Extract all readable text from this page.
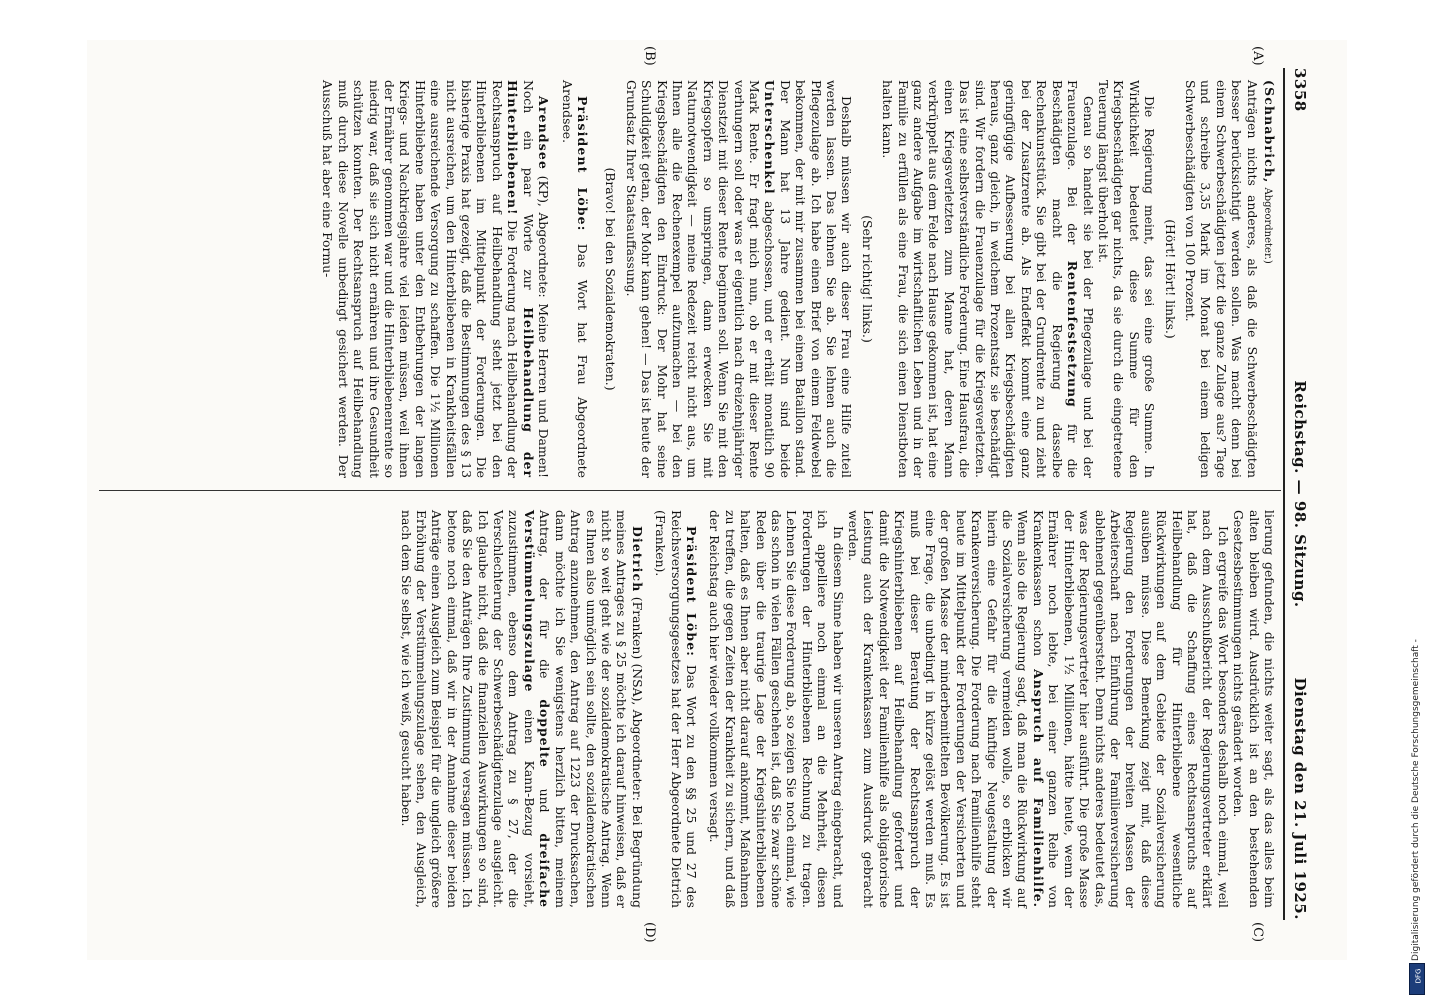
3358
Reichstag. — 98. Sitzung.
Dienstag den 21. Juli 1925.
(A)
(B)
(C)
(D)

(Schnabrich, Abgeordneter.)

Anträgen nichts anderes, als daß die Schwerbeschädigten besser berücksichtigt werden sollen. Was macht denn bei einem Schwerbeschädigten jetzt die ganze Zulage aus? Tage und schreibe 3,35 Mark im Monat bei einem ledigen Schwerbeschädigten von 100 Prozent.

(Hört! Hört! links.)

Die Regierung meint, das sei eine große Summe. In Wirklichkeit bedeutet diese Summe für den Kriegsbeschädigten gar nichts, da sie durch die eingetretene Teuerung längst überholt ist.

Genau so handelt sie bei der Pflegezulage und bei der Frauenzulage. Bei der Rentenfestsetzung für die Beschädigten macht die Regierung dasselbe Rechenkunststück. Sie gibt bei der Grundrente zu und zieht bei der Zusatzrente ab. Als Endeffekt kommt eine ganz geringfügige Aufbesserung bei allen Kriegsbeschädigten heraus, ganz gleich, in welchem Prozentsatz sie beschädigt sind. Wir fordern die Frauenzulage für die Kriegsverletzten. Das ist eine selbstverständliche Forderung. Eine Hausfrau, die einen Kriegsverletzten zum Manne hat, deren Mann verkrüppelt aus dem Felde nach Hause gekommen ist, hat eine ganz andere Aufgabe im wirtschaftlichen Leben und in der Familie zu erfüllen als eine Frau, die sich einen Dienstboten halten kann.

(Sehr richtig! links.)

Deshalb müssen wir auch dieser Frau eine Hilfe zuteil werden lassen. Das lehnen Sie ab. Sie lehnen auch die Pflegezulage ab. Ich habe einen Brief von einem Feldwebel bekommen, der mit mir zusammen bei einem Bataillon stand. Der Mann hat 13 Jahre gedient. Nun sind beide Unterschenkel abgeschossen, und er erhält monatlich 90 Mark Rente. Er fragt mich nun, ob er mit dieser Rente verhungern soll oder was er eigentlich nach dreizehnjähriger Dienstzeit mit dieser Rente beginnen soll. Wenn Sie mit den Kriegsopfern so umspringen, dann erwecken Sie mit Naturnotwendigkeit — meine Redezeit reicht nicht aus, um Ihnen alle die Rechenexempel aufzumachen — bei den Kriegsbeschädigten den Eindruck: Der Mohr hat seine Schuldigkeit getan, der Mohr kann gehen! — Das ist heute der Grundsatz Ihrer Staatsauffassung.

(Bravo! bei den Sozialdemokraten.)

Präsident Löbe: Das Wort hat Frau Abgeordnete Arendsee.

Arendsee (KP), Abgeordnete: Meine Herren und Damen! Noch ein paar Worte zur Heilbehandlung der Hinterbliebenen! Die Forderung nach Heilbehandlung der Rechtsanspruch auf Heilbehandlung steht jetzt bei den Hinterbliebenen im Mittelpunkt der Forderungen. Die bisherige Praxis hat gezeigt, daß die Bestimmungen des § 13 nicht ausreichen, um den Hinterbliebenen in Krankheitsfällen eine ausreichende Versorgung zu schaffen. Die 1½ Millionen Hinterbliebene haben unter den Entbehrungen der langen Kriegs- und Nachkriegsjahre viel leiden müssen, weil ihnen der Ernährer genommen war und die Hinterbliebenenrente so niedrig war, daß sie sich nicht ernähren und ihre Gesundheit schützen konnten. Der Rechtsanspruch auf Heilbehandlung muß durch diese Novelle unbedingt gesichert werden. Der Ausschuß hat aber eine Formu-

lierung gefunden, die nichts weiter sagt, als das alles beim alten bleiben wird. Ausdrücklich ist an den bestehenden Gesetzesbestimmungen nichts geändert worden.

Ich ergreife das Wort besonders deshalb noch einmal, weil nach dem Ausschußbericht der Regierungsvertreter erklärt hat, daß die Schaffung eines Rechtsanspruchs auf Heilbehandlung für Hinterbliebene wesentliche Rückwirkungen auf dem Gebiete der Sozialversicherung ausüben müsse. Diese Bemerkung zeigt mit, daß diese Regierung den Forderungen der breiten Massen der Arbeiterschaft nach Einführung der Familienversicherung ablehnend gegenübersteht. Denn nichts anderes bedeutet das, was der Regierungsvertreter hier ausführt. Die große Masse der Hinterbliebenen, 1½ Millionen, hätte heute, wenn der Ernährer noch lebte, bei einer ganzen Reihe von Krankenkassen schon Anspruch auf Familienhilfe. Wenn also die Regierung sagt, daß man die Rückwirkung auf die Sozialversicherung vermeiden wolle, so erblicken wir hierin eine Gefahr für die künftige Neugestaltung der Krankenversicherung. Die Forderung nach Familienhilfe steht heute im Mittelpunkt der Forderungen der Versicherten und der großen Masse der minderbemittelten Bevölkerung. Es ist eine Frage, die unbedingt in kürze gelöst werden muß. Es muß bei dieser Beratung der Rechtsanspruch der Kriegshinterbliebenen auf Heilbehandlung gefordert und damit die Notwendigkeit der Familienhilfe als obligatorische Leistung auch der Krankenkassen zum Ausdruck gebracht werden.

In diesem Sinne haben wir unseren Antrag eingebracht, und ich appelliere noch einmal an die Mehrheit, diesen Forderungen der Hinterbliebenen Rechnung zu tragen. Lehnen Sie diese Forderung ab, so zeigen Sie noch einmal, wie das schon in vielen Fällen geschehen ist, daß Sie zwar schöne Reden über die traurige Lage der Kriegshinterbliebenen halten, daß es Ihnen aber nicht darauf ankommt, Maßnahmen zu treffen, die gegen Zeiten der Krankheit zu sichern, und daß der Reichstag auch hier wieder vollkommen versagt.

Präsident Löbe: Das Wort zu den §§ 25 und 27 des Reichsversorgungsgesetzes hat der Herr Abgeordnete Dietrich (Franken).

Dietrich (Franken) (NSA), Abgeordneter: Bei Begründung meines Antrages zu § 25 möchte ich darauf hinweisen, daß er nicht so weit geht wie der sozialdemokratische Antrag. Wenn es Ihnen also unmöglich sein sollte, den sozialdemokratischen Antrag anzunehmen, den Antrag auf 1223 der Drucksachen, dann möchte ich Sie wenigstens herzlich bitten, meinem Antrag, der für die doppelte und dreifache Verstümmelungszulage einen Kann-Bezug vorsieht, zuzustimmen, ebenso dem Antrag zu § 27, der die Verschlechterung der Schwerbeschädigtenzulage ausgleicht. Ich glaube nicht, daß die finanziellen Auswirkungen so sind, daß Sie den Anträgen Ihre Zustimmung versagen müssen. Ich betone noch einmal, daß wir in der Annahme dieser beiden Anträge einen Ausgleich zum Beispiel für die ungleich größere Erhöhung der Verstümmelungszulage sehen, den Ausgleich, nach dem Sie selbst, wie ich weiß, gesucht haben.	Digitalisierung gefördert durch die Deutsche Forschungsgemeinschaft -
DFG
